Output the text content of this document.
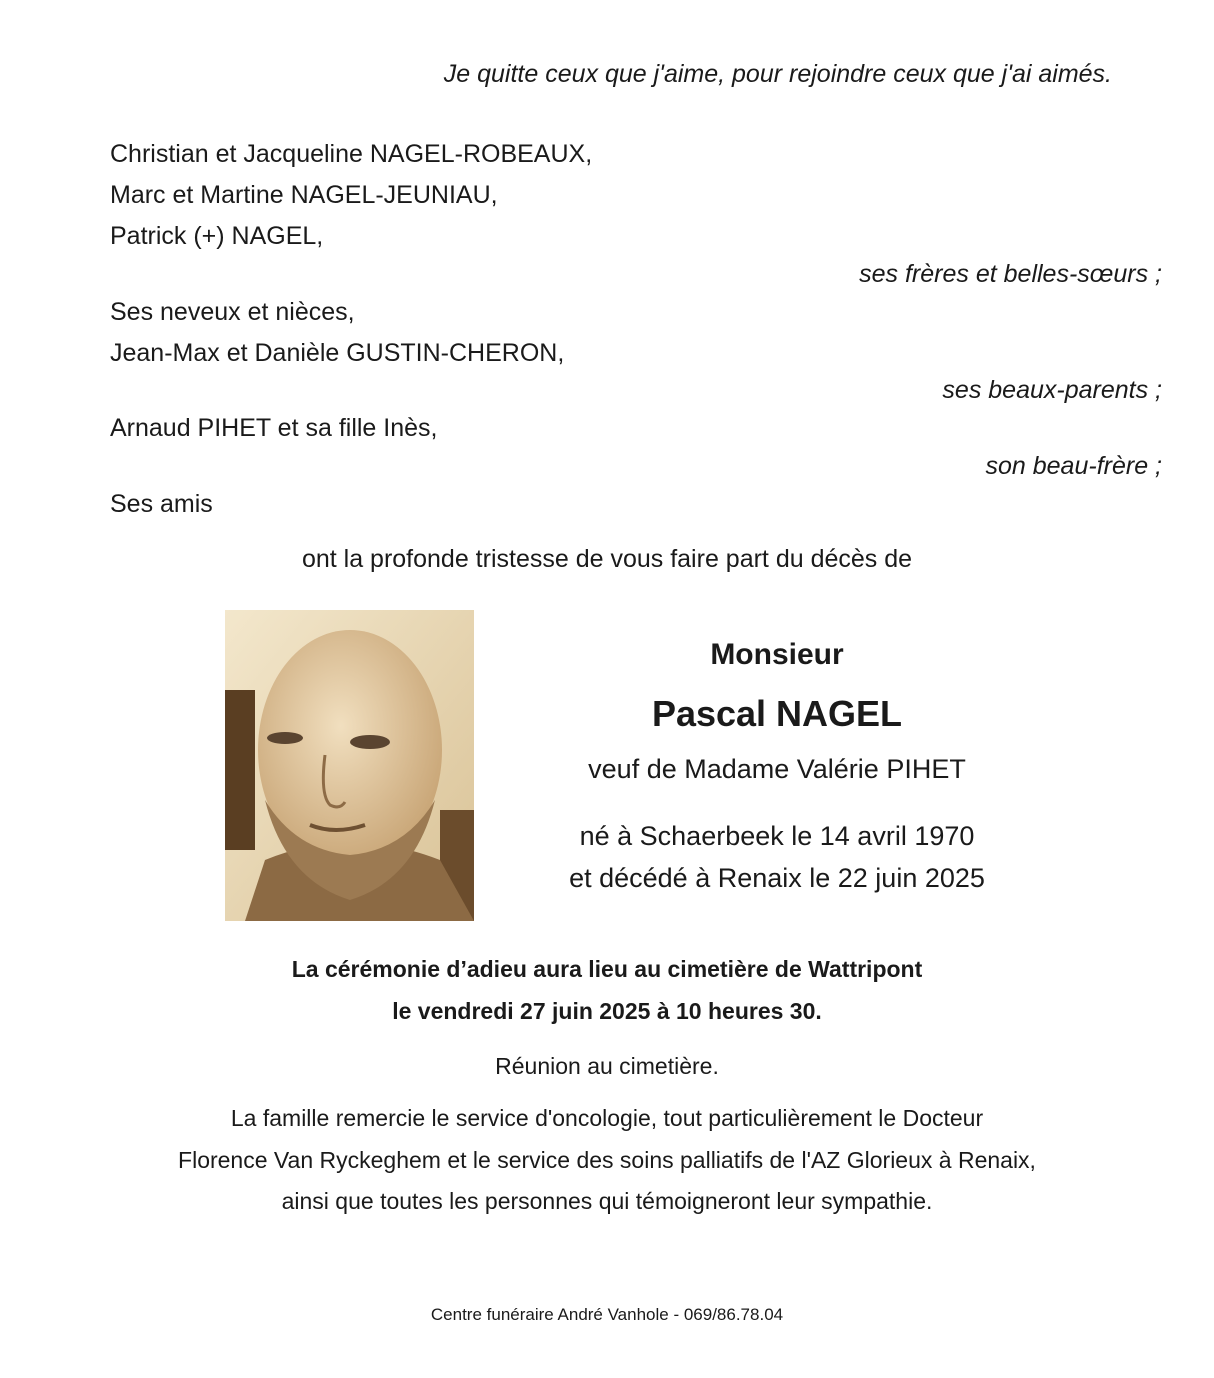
Je quitte ceux que j'aime, pour rejoindre ceux que j'ai aimés.
Christian et Jacqueline NAGEL-ROBEAUX,
Marc et Martine NAGEL-JEUNIAU,
Patrick (+) NAGEL,
ses frères et belles-sœurs ;
Ses neveux et nièces,
Jean-Max et Danièle GUSTIN-CHERON,
ses beaux-parents ;
Arnaud PIHET et sa fille Inès,
son beau-frère ;
Ses amis
ont la profonde tristesse de vous faire part du décès de
Monsieur
Pascal NAGEL
veuf de Madame Valérie PIHET
né à Schaerbeek le 14 avril 1970
et décédé à Renaix le 22 juin 2025
La cérémonie d’adieu aura lieu au cimetière de Wattripont
le vendredi 27 juin 2025 à 10 heures 30.
Réunion au cimetière.
La famille remercie le service d'oncologie, tout particulièrement le Docteur
Florence Van Ryckeghem et le service des soins palliatifs de l'AZ Glorieux à Renaix,
ainsi que toutes les personnes qui témoigneront leur sympathie.
Centre funéraire André Vanhole - 069/86.78.04
